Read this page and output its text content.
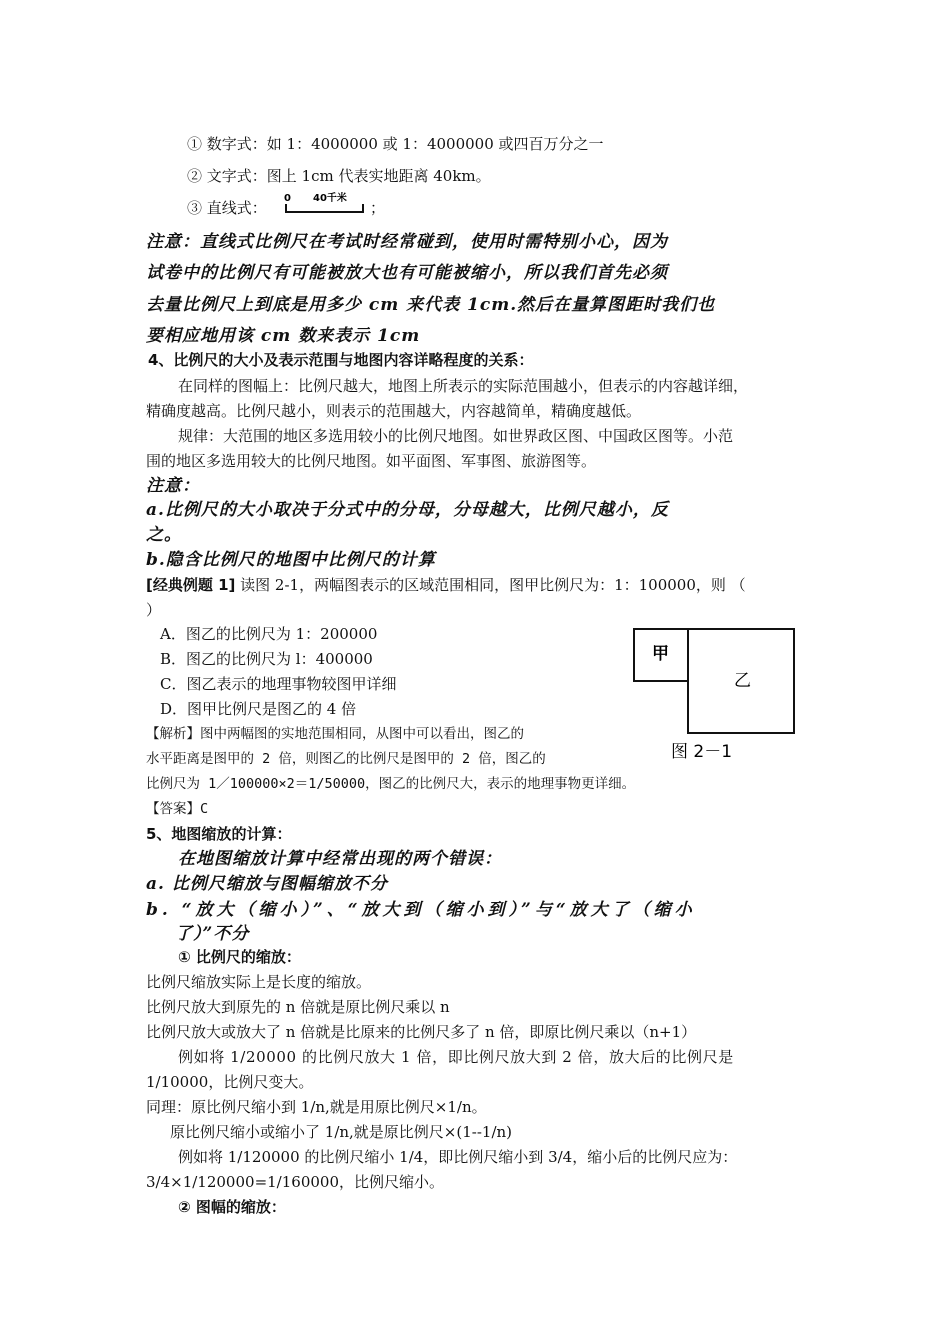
① 数字式：如 1：4000000 或 1：4000000 或四百万分之一
② 文字式：图上 1cm 代表实地距离 40km。
③ 直线式：
0 40千米
；
注意：直线式比例尺在考试时经常碰到，使用时需特别小心，因为
试卷中的比例尺有可能被放大也有可能被缩小，所以我们首先必须
去量比例尺上到底是用多少 cm 来代表 1cm.然后在量算图距时我们也
要相应地用该 cm 数来表示 1cm
4、比例尺的大小及表示范围与地图内容详略程度的关系：
在同样的图幅上：比例尺越大，地图上所表示的实际范围越小，但表示的内容越详细，
精确度越高。比例尺越小，则表示的范围越大，内容越简单，精确度越低。
规律：大范围的地区多选用较小的比例尺地图。如世界政区图、中国政区图等。小范
围的地区多选用较大的比例尺地图。如平面图、军事图、旅游图等。
注意：
a.比例尺的大小取决于分式中的分母，分母越大，比例尺越小，反
之。
b.隐含比例尺的地图中比例尺的计算
[经典例题 1] 读图 2-1，两幅图表示的区域范围相同，图甲比例尺为：1：100000，则 （
）
A．图乙的比例尺为 1：200000
B．图乙的比例尺为 l：400000
C．图乙表示的地理事物较图甲详细
D．图甲比例尺是图乙的 4 倍
甲
乙
图 2－1
【解析】图中两幅图的实地范围相同，从图中可以看出，图乙的
水平距离是图甲的 2 倍，则图乙的比例尺是图甲的 2 倍，图乙的
比例尺为 1／100000×2＝1/50000，图乙的比例尺大，表示的地理事物更详细。
【答案】C
5、地图缩放的计算：
在地图缩放计算中经常出现的两个错误：
a. 比例尺缩放与图幅缩放不分
b. “放大（缩小）”、“放大到（缩小到）”与“放大了（缩小
了）”不分
① 比例尺的缩放：
比例尺缩放实际上是长度的缩放。
比例尺放大到原先的 n 倍就是原比例尺乘以 n
比例尺放大或放大了 n 倍就是比原来的比例尺多了 n 倍，即原比例尺乘以（n+1）
例如将 1/20000 的比例尺放大 1 倍，即比例尺放大到 2 倍，放大后的比例尺是
1/10000，比例尺变大。
同理：原比例尺缩小到 1/n,就是用原比例尺×1/n。
原比例尺缩小或缩小了 1/n,就是原比例尺×(1--1/n)
例如将 1/120000 的比例尺缩小 1/4，即比例尺缩小到 3/4，缩小后的比例尺应为：
3/4×1/120000=1/160000，比例尺缩小。
② 图幅的缩放：
